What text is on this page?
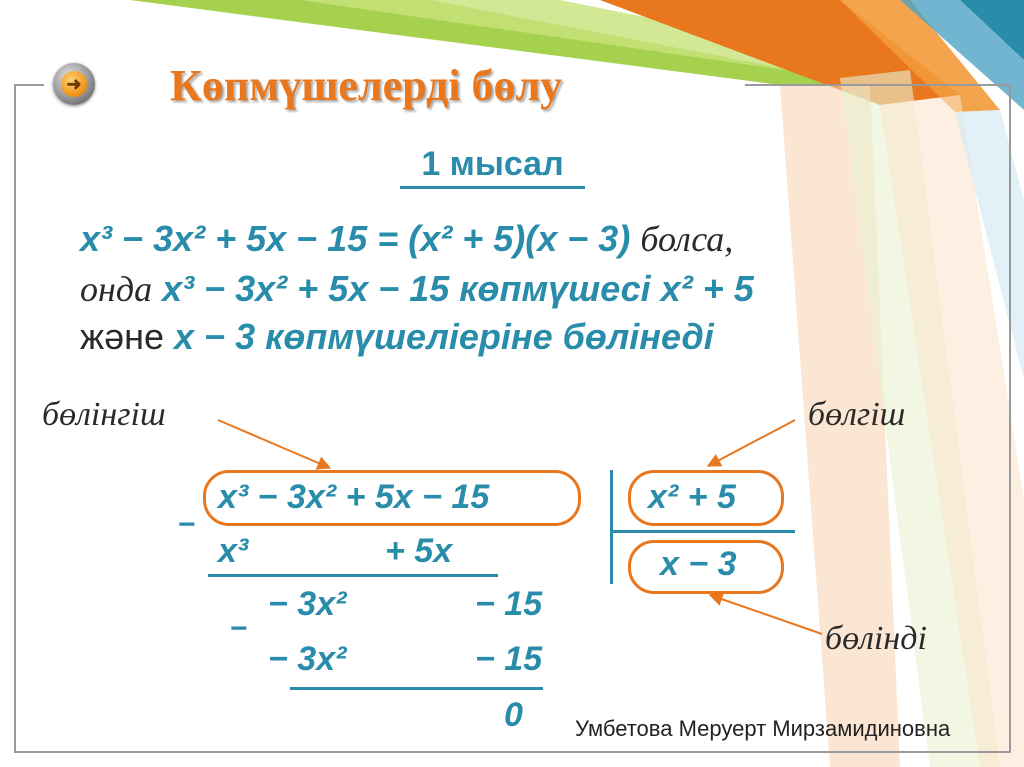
➜ Көпмүшелерді бөлу
1 мысал
x³ − 3x² + 5x − 15 = (x² + 5)(x − 3) болса,
онда x³ − 3x² + 5x − 15 көпмүшесі x² + 5
және x − 3 көпмүшеліеріне бөлінеді
бөлінгіш	бөлгіш
бөлінді
x³ − 3x² + 5x − 15	x² + 5
x − 3
−
x³	+ 5x
−
− 3x²	− 15
− 3x²	− 15
0 Умбетова Меруерт Мирзамидиновна
